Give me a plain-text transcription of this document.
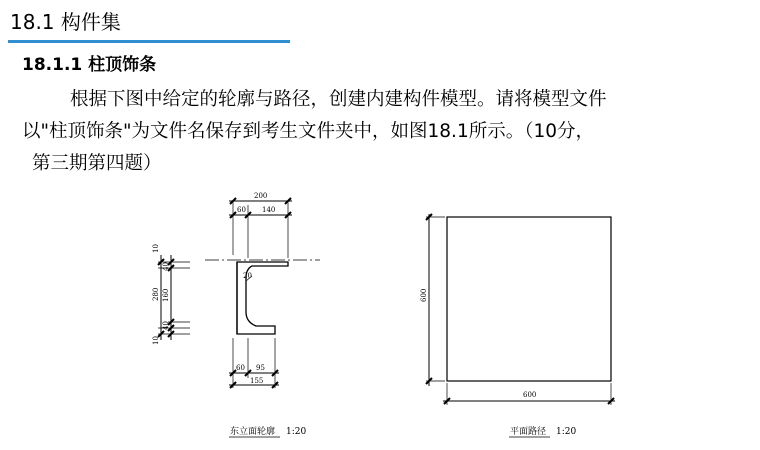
18.1 构件集
18.1.1 柱顶饰条
根据下图中给定的轮廓与路径，创建内建构件模型。请将模型文件
以"柱顶饰条"为文件名保存到考生文件夹中，如图18.1所示。（10分，
第三期第四题）
200
60 140
60 95
155
20
280
10
40
160
40
10
东立面轮廓 1:20
600
600
平面路径 1:20
